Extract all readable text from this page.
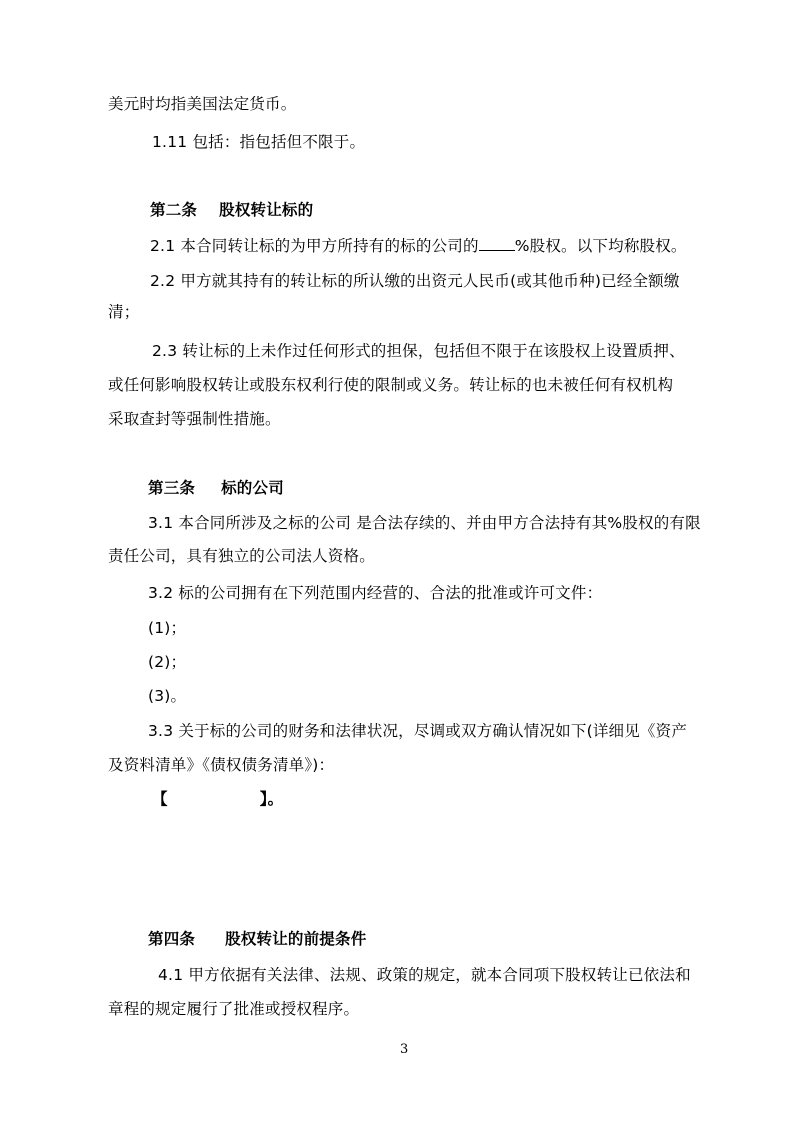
美元时均指美国法定货币。
1.11 包括：指包括但不限于。
第二条 股权转让标的
2.1 本合同转让标的为甲方所持有的标的公司的 %股权。以下均称股权。
2.2 甲方就其持有的转让标的所认缴的出资元人民币(或其他币种)已经全额缴
清；
2.3 转让标的上未作过任何形式的担保，包括但不限于在该股权上设置质押、
或任何影响股权转让或股东权利行使的限制或义务。转让标的也未被任何有权机构
采取查封等强制性措施。
第三条 标的公司
3.1 本合同所涉及之标的公司 是合法存续的、并由甲方合法持有其%股权的有限
责任公司，具有独立的公司法人资格。
3.2 标的公司拥有在下列范围内经营的、合法的批准或许可文件：
(1)；
(2)；
(3)。
3.3 关于标的公司的财务和法律状况，尽调或双方确认情况如下(详细见《资产
及资料清单》《债权债务清单》)：
【	】。
第四条 股权转让的前提条件
4.1 甲方依据有关法律、法规、政策的规定，就本合同项下股权转让已依法和
章程的规定履行了批准或授权程序。
3
